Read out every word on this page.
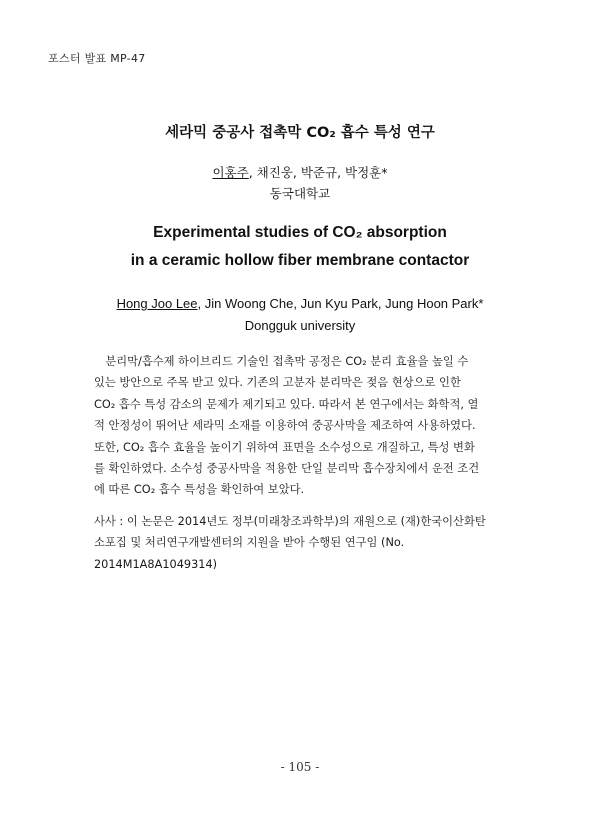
포스터 발표 MP-47
세라믹 중공사 접촉막 CO₂ 흡수 특성 연구
이홍주, 채진웅, 박준규, 박정훈*
동국대학교
Experimental studies of CO₂ absorption
in a ceramic hollow fiber membrane contactor
Hong Joo Lee, Jin Woong Che, Jun Kyu Park, Jung Hoon Park*
Dongguk university
　분리막/흡수제 하이브리드 기술인 접촉막 공정은 CO₂ 분리 효율을 높일 수
있는 방안으로 주목 받고 있다. 기존의 고분자 분리막은 젖음 현상으로 인한
CO₂ 흡수 특성 감소의 문제가 제기되고 있다. 따라서 본 연구에서는 화학적, 열
적 안정성이 뛰어난 세라믹 소재를 이용하여 중공사막을 제조하여 사용하였다.
또한, CO₂ 흡수 효율을 높이기 위하여 표면을 소수성으로 개질하고, 특성 변화
를 확인하였다. 소수성 중공사막을 적용한 단일 분리막 흡수장치에서 운전 조건
에 따른 CO₂ 흡수 특성을 확인하여 보았다.
사사 : 이 논문은 2014년도 정부(미래창조과학부)의 재원으로 (재)한국이산화탄
소포집 및 처리연구개발센터의 지원을 받아 수행된 연구임 (No.
2014M1A8A1049314)
- 105 -
